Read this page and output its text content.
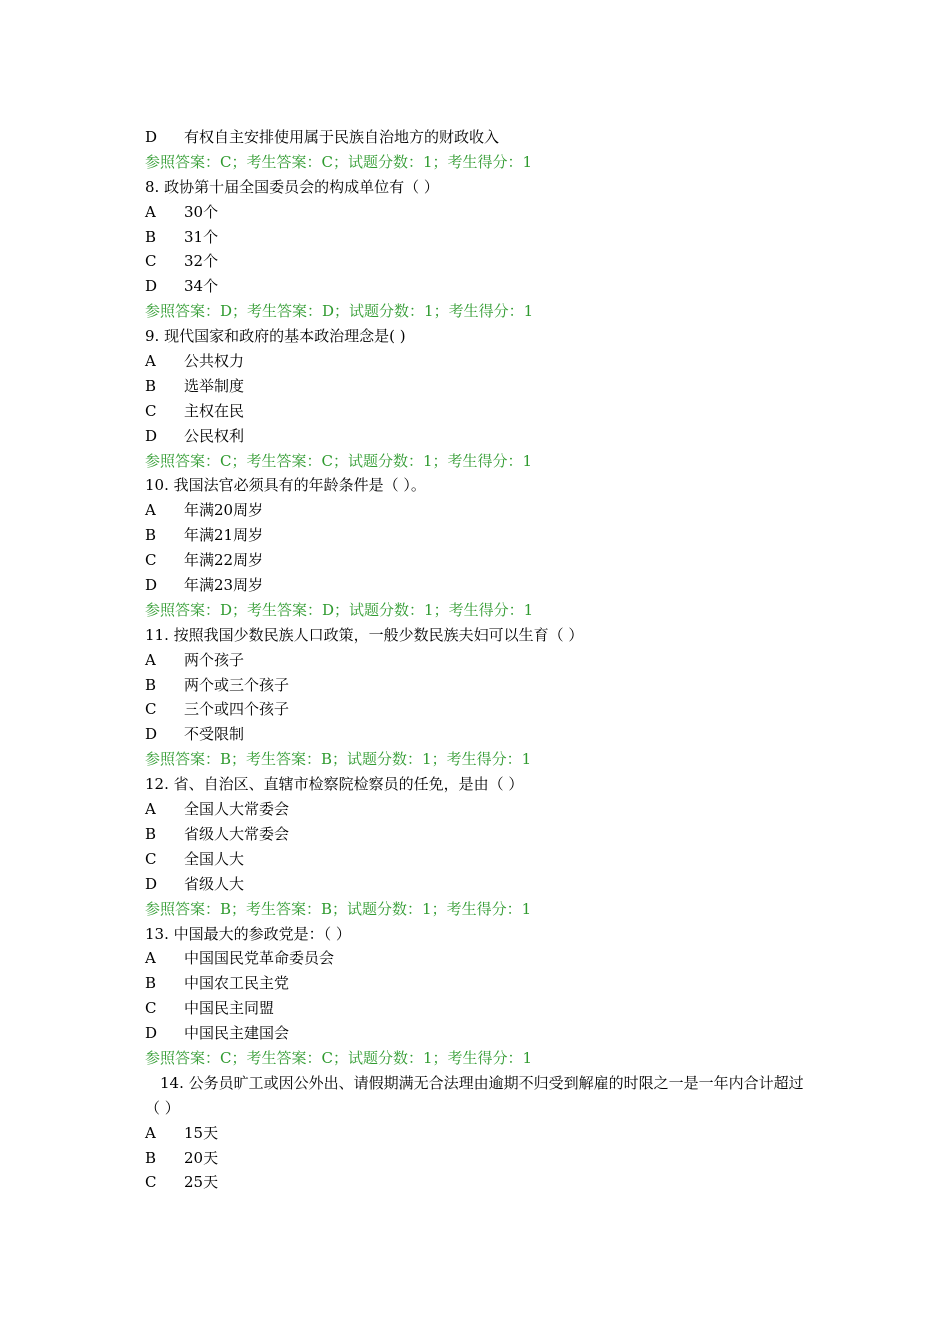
D 有权自主安排使用属于民族自治地方的财政收入
参照答案：C；考生答案：C；试题分数：1；考生得分：1
8. 政协第十届全国委员会的构成单位有（ ）
A 30个
B 31个
C 32个
D 34个
参照答案：D；考生答案：D；试题分数：1；考生得分：1
9. 现代国家和政府的基本政治理念是( )
A 公共权力
B 选举制度
C 主权在民
D 公民权利
参照答案：C；考生答案：C；试题分数：1；考生得分：1
10. 我国法官必须具有的年龄条件是（ ）。
A 年满20周岁
B 年满21周岁
C 年满22周岁
D 年满23周岁
参照答案：D；考生答案：D；试题分数：1；考生得分：1
11. 按照我国少数民族人口政策，一般少数民族夫妇可以生育（ ）
A 两个孩子
B 两个或三个孩子
C 三个或四个孩子
D 不受限制
参照答案：B；考生答案：B；试题分数：1；考生得分：1
12. 省、自治区、直辖市检察院检察员的任免，是由（ ）
A 全国人大常委会
B 省级人大常委会
C 全国人大
D 省级人大
参照答案：B；考生答案：B；试题分数：1；考生得分：1
13. 中国最大的参政党是：（ ）
A 中国国民党革命委员会
B 中国农工民主党
C 中国民主同盟
D 中国民主建国会
参照答案：C；考生答案：C；试题分数：1；考生得分：1
14. 公务员旷工或因公外出、请假期满无合法理由逾期不归受到解雇的时限之一是一年内合计超过（ ）
A 15天
B 20天
C 25天
